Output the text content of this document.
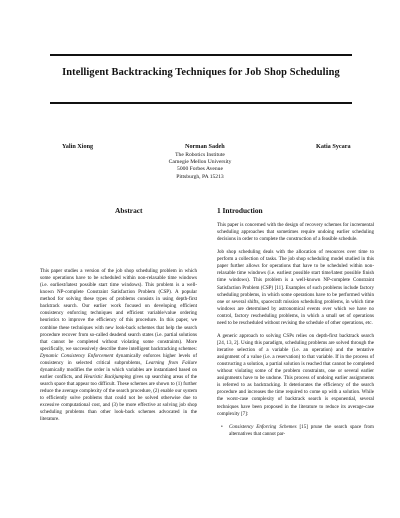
Intelligent Backtracking Techniques for Job Shop Scheduling
Yalin Xiong	Norman Sadeh	Katia Sycara
The Robotics Institute
Carnegie Mellon University
5000 Forbes Avenue
Pittsburgh, PA 15213
Abstract	1 Introduction

This paper studies a version of the job shop scheduling problem in which some operations have to be scheduled within non-relaxable time windows (i.e. earliest/latest possible start time windows). This problem is a well-known NP-complete Constraint Satisfaction Problem (CSP). A popular method for solving these types of problems consists in using depth-first backtrack search. Our earlier work focused on developing efficient consistency enforcing techniques and efficient variable/value ordering heuristics to improve the efficiency of this procedure. In this paper, we combine these techniques with new look-back schemes that help the search procedure recover from so-called deadend search states (i.e. partial solutions that cannot be completed without violating some constraints). More specifically, we successively describe three intelligent backtracking schemes: Dynamic Consistency Enforcement dynamically enforces higher levels of consistency in selected critical subproblems, Learning from Failure dynamically modifies the order in which variables are instantiated based on earlier conflicts, and Heuristic Backjumping gives up searching areas of the search space that appear too difficult. These schemes are shown to (1) further reduce the average complexity of the search procedure, (2) enable our system to efficiently solve problems that could not be solved otherwise due to excessive computational cost, and (3) be more effective at solving job shop scheduling problems than other look-back schemes advocated in the literature.

This paper is concerned with the design of recovery schemes for incremental scheduling approaches that sometimes require undoing earlier scheduling decisions in order to complete the construction of a feasible schedule.

Job shop scheduling deals with the allocation of resources over time to perform a collection of tasks. The job shop scheduling model studied in this paper further allows for operations that have to be scheduled within non-relaxable time windows (i.e. earliest possible start time/latest possible finish time windows). This problem is a well-known NP-complete Constraint Satisfaction Problem (CSP) [11]. Examples of such problems include factory scheduling problems, in which some operations have to be performed within one or several shifts, spacecraft mission scheduling problems, in which time windows are determined by astronomical events over which we have no control, factory rescheduling problems, in which a small set of operations need to be rescheduled without revising the schedule of other operations, etc.

A generic approach to solving CSPs relies on depth-first backtrack search [24, 13, 2]. Using this paradigm, scheduling problems are solved through the iterative selection of a variable (i.e. an operation) and the tentative assignment of a value (i.e. a reservation) to that variable. If in the process of constructing a solution, a partial solution is reached that cannot be completed without violating some of the problem constraints, one or several earlier assignments have to be undone. This process of undoing earlier assignments is referred to as backtracking. It deteriorates the efficiency of the search procedure and increases the time required to come up with a solution. While the worst-case complexity of backtrack search is exponential, several techniques have been proposed in the literature to reduce its average-case complexity [7]:

•	Consistency Enforcing Schemes [15] prune the search space from alternatives that cannot par-
